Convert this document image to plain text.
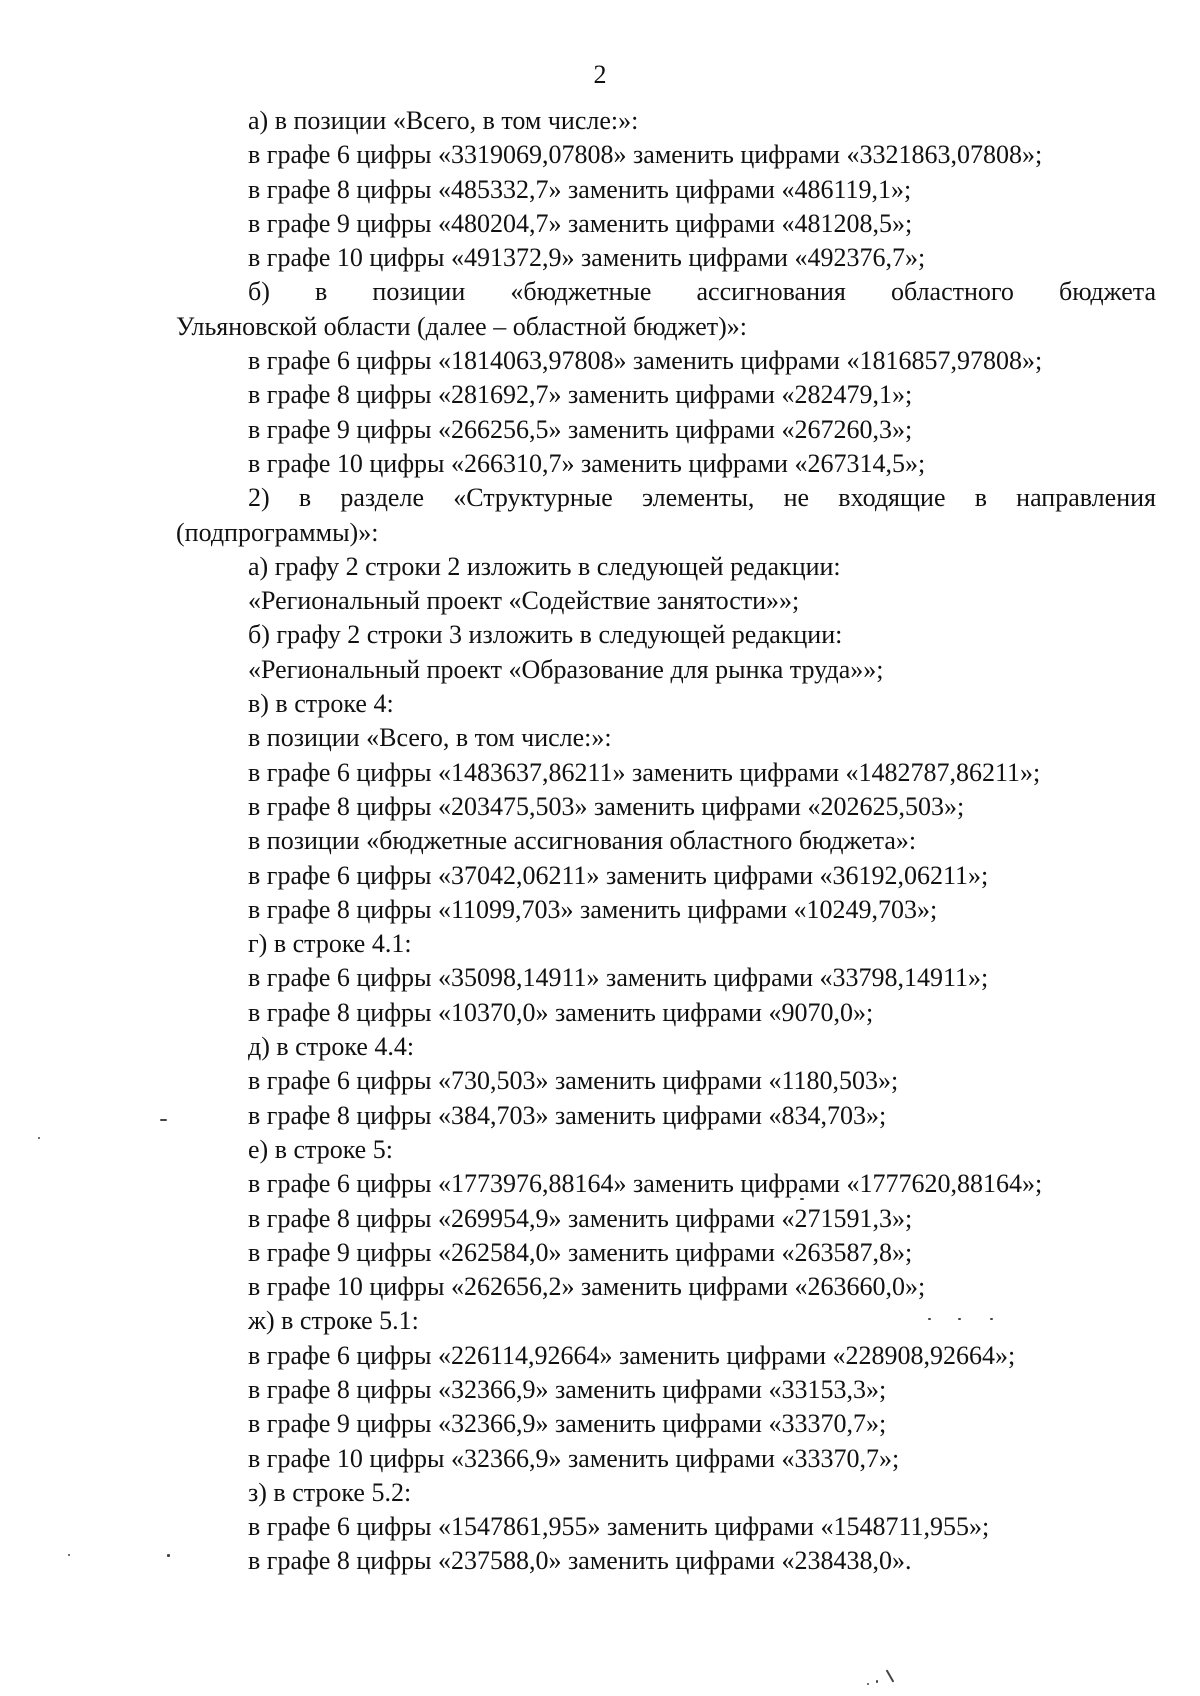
2
а) в позиции «Всего, в том числе:»:
в графе 6 цифры «3319069,07808» заменить цифрами «3321863,07808»;
в графе 8 цифры «485332,7» заменить цифрами «486119,1»;
в графе 9 цифры «480204,7» заменить цифрами «481208,5»;
в графе 10 цифры «491372,9» заменить цифрами «492376,7»;
б) в позиции «бюджетные ассигнования областного бюджета
Ульяновской области (далее – областной бюджет)»:
в графе 6 цифры «1814063,97808» заменить цифрами «1816857,97808»;
в графе 8 цифры «281692,7» заменить цифрами «282479,1»;
в графе 9 цифры «266256,5» заменить цифрами «267260,3»;
в графе 10 цифры «266310,7» заменить цифрами «267314,5»;
2) в разделе «Структурные элементы, не входящие в направления
(подпрограммы)»:
а) графу 2 строки 2 изложить в следующей редакции:
«Региональный проект «Содействие занятости»»;
б) графу 2 строки 3 изложить в следующей редакции:
«Региональный проект «Образование для рынка труда»»;
в) в строке 4:
в позиции «Всего, в том числе:»:
в графе 6 цифры «1483637,86211» заменить цифрами «1482787,86211»;
в графе 8 цифры «203475,503» заменить цифрами «202625,503»;
в позиции «бюджетные ассигнования областного бюджета»:
в графе 6 цифры «37042,06211» заменить цифрами «36192,06211»;
в графе 8 цифры «11099,703» заменить цифрами «10249,703»;
г) в строке 4.1:
в графе 6 цифры «35098,14911» заменить цифрами «33798,14911»;
в графе 8 цифры «10370,0» заменить цифрами «9070,0»;
д) в строке 4.4:
в графе 6 цифры «730,503» заменить цифрами «1180,503»;
в графе 8 цифры «384,703» заменить цифрами «834,703»;
е) в строке 5:
в графе 6 цифры «1773976,88164» заменить цифрами «1777620,88164»;
в графе 8 цифры «269954,9» заменить цифрами «271591,3»;
в графе 9 цифры «262584,0» заменить цифрами «263587,8»;
в графе 10 цифры «262656,2» заменить цифрами «263660,0»;
ж) в строке 5.1:
в графе 6 цифры «226114,92664» заменить цифрами «228908,92664»;
в графе 8 цифры «32366,9» заменить цифрами «33153,3»;
в графе 9 цифры «32366,9» заменить цифрами «33370,7»;
в графе 10 цифры «32366,9» заменить цифрами «33370,7»;
з) в строке 5.2:
в графе 6 цифры «1547861,955» заменить цифрами «1548711,955»;
в графе 8 цифры «237588,0» заменить цифрами «238438,0».
